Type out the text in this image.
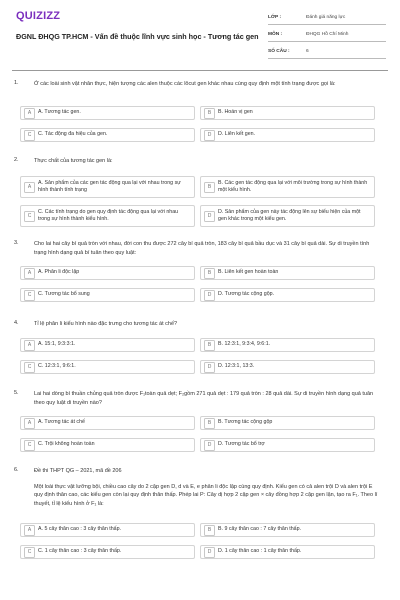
QUIZIZZ
ĐGNL ĐHQG TP.HCM - Vấn đề thuộc lĩnh vực sinh học - Tương tác gen
LỚP :	Đánh giá năng lực
MÔN :	ĐHQG Hồ Chí Minh
SỐ CÂU :	6
1.	Ở các loài sinh vật nhân thực, hiện tượng các alen thuộc các lôcut gen khác nhau cùng quy định một tính trạng được gọi là:
A	A. Tương tác gen.	B	B. Hoán vị gen
C	C. Tác động đa hiệu của gen.	D	D. Liên kết gen.
2.	Thực chất của tương tác gen là:
A
A. Sản phẩm của các gen tác động qua lại với nhau trong sự hình thành tính trạng	B
B. Các gen tác động qua lại với môi trường trong sự hình thành một kiểu hình.
C
C. Các tính trạng do gen quy định tác động qua lại với nhau trong sự hình thành kiểu hình.	D
D. Sản phẩm của gen này tác động lên sự biểu hiện của một gen khác trong một kiểu gen.
3.	Cho lai hai cây bí quả tròn với nhau, đời con thu được 272 cây bí quả tròn, 183 cây bí quả bầu dục và 31 cây bí quả dài. Sự di truyền tính trạng hình dạng quả bí tuân theo quy luật:
A	A. Phân li độc lập	B	B. Liên kết gen hoàn toàn
C	C. Tương tác bổ sung	D	D. Tương tác cộng gộp.
4.	Tỉ lệ phân li kiểu hình nào đặc trưng cho tương tác át chế?
A	A. 15:1, 9:3:3:1.	B	B. 12:3:1, 9:3:4, 9:6:1.
C	C. 12:3:1, 9:6:1.	D	D. 12:3:1, 13:3.
5.	Lai hai dòng bí thuần chủng quả tròn được F₁toàn quả dẹt; F₂gồm 271 quả dẹt : 179 quả tròn : 28 quả dài. Sự di truyền hình dạng quả tuân theo quy luật di truyền nào?
A	A. Tương tác át chế	B	B. Tương tác cộng gộp
C	C. Trội không hoàn toàn	D	D. Tương tác bổ trợ
6.	Đề thi THPT QG – 2021, mã đề 206
Một loài thực vật lưỡng bội, chiều cao cây do 2 cặp gen D, d và E, e phân li độc lập cùng quy định. Kiểu gen có cả alen trội D và alen trội E quy định thân cao, các kiểu gen còn lại quy định thân thấp. Phép lai P: Cây dị hợp 2 cặp gen × cây đồng hợp 2 cặp gen lặn, tạo ra F₁. Theo lí thuyết, tỉ lệ kiểu hình ở F₁ là:
A	A. 5 cây thân cao : 3 cây thân thấp.	B	B. 9 cây thân cao : 7 cây thân thấp.
C	C. 1 cây thân cao : 3 cây thân thấp.	D	D. 1 cây thân cao : 1 cây thân thấp.
